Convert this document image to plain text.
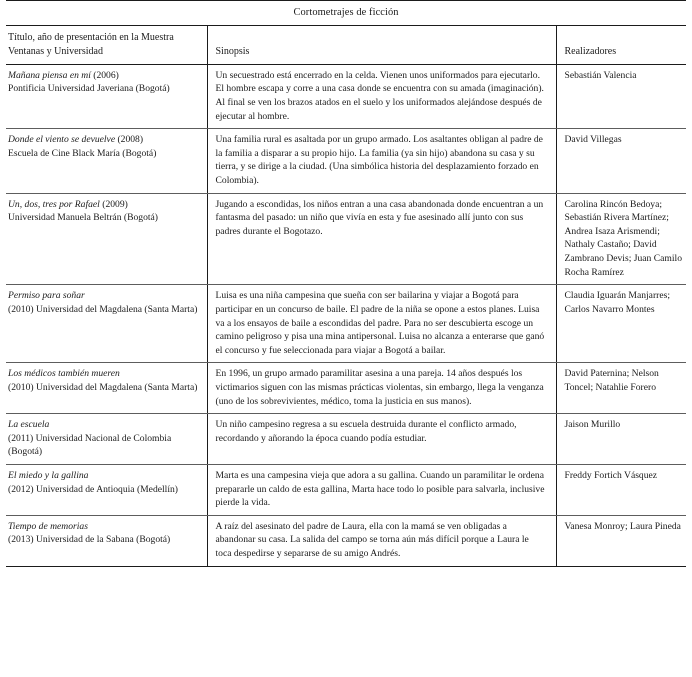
Cortometrajes de ficción		
Título, año de presentación en la Muestra Ventanas y Universidad	Sinopsis	Realizadores
Mañana piensa en mí (2006)
Pontificia Universidad Javeriana (Bogotá)	Un secuestrado está encerrado en la celda. Vienen unos uniformados para ejecutarlo. El hombre escapa y corre a una casa donde se encuentra con su amada (imaginación). Al final se ven los brazos atados en el suelo y los uniformados alejándose después de ejecutar al hombre.	Sebastián Valencia

Donde el viento se devuelve (2008)
Escuela de Cine Black María (Bogotá)	Una familia rural es asaltada por un grupo armado. Los asaltantes obligan al padre de la familia a disparar a su propio hijo. La familia (ya sin hijo) abandona su casa y su tierra, y se dirige a la ciudad. (Una simbólica historia del desplazamiento forzado en Colombia).	David Villegas

Un, dos, tres por Rafael (2009)
Universidad Manuela Beltrán (Bogotá)	Jugando a escondidas, los niños entran a una casa abandonada donde encuentran a un fantasma del pasado: un niño que vivía en esta y fue asesinado allí junto con sus padres durante el Bogotazo.	Carolina Rincón Bedoya; Sebastián Rivera Martínez; Andrea Isaza Arismendi; Nathaly Castaño; David Zambrano Devis; Juan Camilo Rocha Ramírez

Permiso para soñar
(2010) Universidad del Magdalena (Santa Marta)	Luisa es una niña campesina que sueña con ser bailarina y viajar a Bogotá para participar en un concurso de baile. El padre de la niña se opone a estos planes. Luisa va a los ensayos de baile a escondidas del padre. Para no ser descubierta escoge un camino peligroso y pisa una mina antipersonal. Luisa no alcanza a enterarse que ganó el concurso y fue seleccionada para viajar a Bogotá a bailar.	Claudia Iguarán Manjarres; Carlos Navarro Montes

Los médicos también mueren
(2010) Universidad del Magdalena (Santa Marta)	En 1996, un grupo armado paramilitar asesina a una pareja. 14 años después los victimarios siguen con las mismas prácticas violentas, sin embargo, llega la venganza (uno de los sobrevivientes, médico, toma la justicia en sus manos).	David Paternina; Nelson Toncel; Natahlie Forero

La escuela
(2011) Universidad Nacional de Colombia (Bogotá)	Un niño campesino regresa a su escuela destruida durante el conflicto armado, recordando y añorando la época cuando podía estudiar.	Jaison Murillo

El miedo y la gallina
(2012) Universidad de Antioquia (Medellín)	Marta es una campesina vieja que adora a su gallina. Cuando un paramilitar le ordena prepararle un caldo de esta gallina, Marta hace todo lo posible para salvarla, inclusive pierde la vida.	Freddy Fortich Vásquez

Tiempo de memorias
(2013) Universidad de la Sabana (Bogotá)	A raíz del asesinato del padre de Laura, ella con la mamá se ven obligadas a abandonar su casa. La salida del campo se torna aún más difícil porque a Laura le toca despedirse y separarse de su amigo Andrés.	Vanesa Monroy; Laura Pineda
